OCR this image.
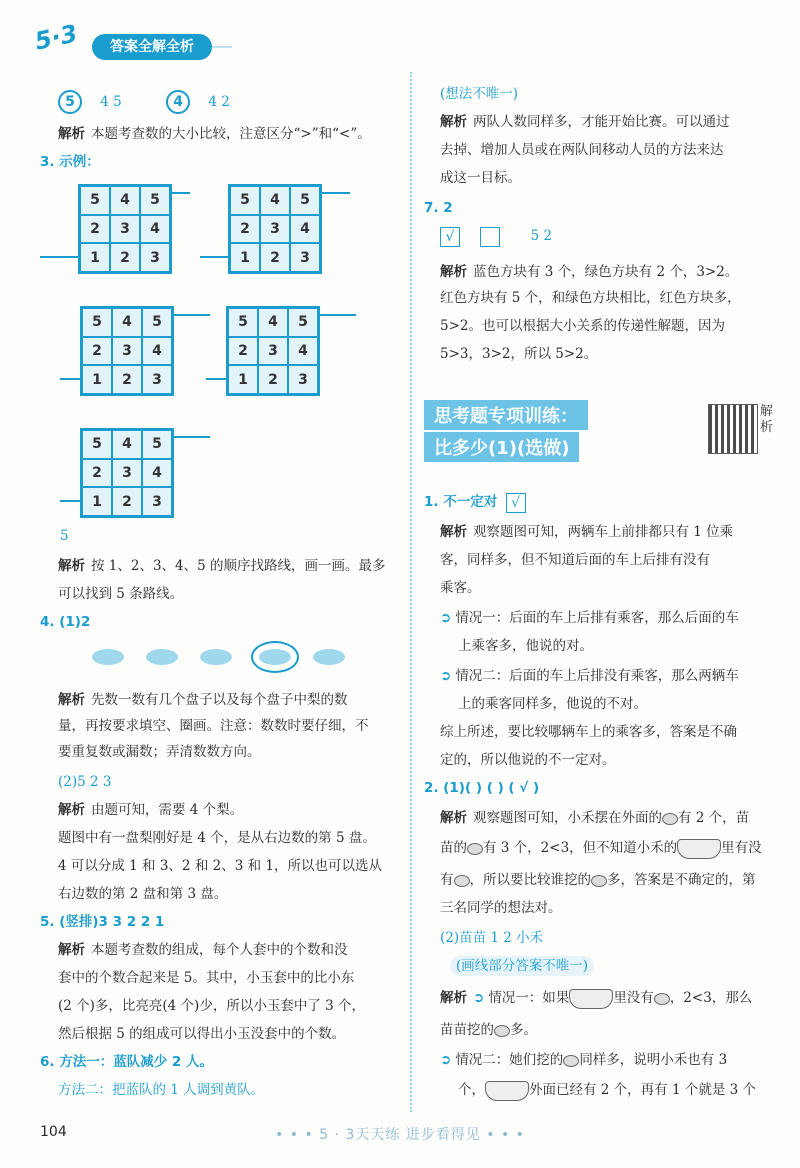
5·3	答案全解全析
5 4 5	4 4 2
解析 本题考查数的大小比较，注意区分“>”和“<”。
3. 示例：
5	4	5
2	3	4
1	2	3
5	4	5
2	3	4
1	2	3
5	4	5
2	3	4
1	2	3
5	4	5
2	3	4
1	2	3
5	4	5
2	3	4
1	2	3
5
解析 按 1、2、3、4、5 的顺序找路线，画一画。最多
可以找到 5 条路线。
4. (1)2

解析 先数一数有几个盘子以及每个盘子中梨的数
量，再按要求填空、圈画。注意：数数时要仔细，不
要重复数或漏数；弄清数数方向。
(2)5 2 3
解析 由题可知，需要 4 个梨。
题图中有一盘梨刚好是 4 个，是从右边数的第 5 盘。
4 可以分成 1 和 3、2 和 2、3 和 1，所以也可以选从
右边数的第 2 盘和第 3 盘。
5. (竖排)3 3 2 2 1
解析 本题考查数的组成，每个人套中的个数和没
套中的个数合起来是 5。其中，小玉套中的比小东
(2 个)多，比亮亮(4 个)少，所以小玉套中了 3 个，
然后根据 5 的组成可以得出小玉没套中的个数。
6. 方法一：蓝队减少 2 人。
方法二：把蓝队的 1 人调到黄队。
(想法不唯一)
解析 两队人数同样多，才能开始比赛。可以通过
去掉、增加人员或在两队间移动人员的方法来达
成这一目标。
7. 2
√	5 2
解析 蓝色方块有 3 个，绿色方块有 2 个，3>2。
红色方块有 5 个，和绿色方块相比，红色方块多，
5>2。也可以根据大小关系的传递性解题，因为
5>3，3>2，所以 5>2。
思考题专项训练：
比多少(1)(选做)
解析
1. 不一定对 √
解析 观察题图可知，两辆车上前排都只有 1 位乘
客，同样多，但不知道后面的车上后排有没有
乘客。
➲ 情况一：后面的车上后排有乘客，那么后面的车
上乘客多，他说的对。
➲ 情况二：后面的车上后排没有乘客，那么两辆车
上的乘客同样多，他说的不对。
综上所述，要比较哪辆车上的乘客多，答案是不确
定的，所以他说的不一定对。
2. (1)( ) ( ) ( √ )
解析 观察题图可知，小禾摆在外面的 有 2 个，苗
苗的 有 3 个，2<3，但不知道小禾的	里有没
有 ，所以要比较谁挖的 多，答案是不确定的，第
三名同学的想法对。
(2)苗苗 1 2 小禾
(画线部分答案不唯一)
解析 ➲ 情况一：如果	里没有 ，2<3，那么
苗苗挖的 多。
➲ 情况二：她们挖的 同样多，说明小禾也有 3
个，	外面已经有 2 个，再有 1 个就是 3 个
104	• • • 5 · 3天天练 进步看得见 • • •
